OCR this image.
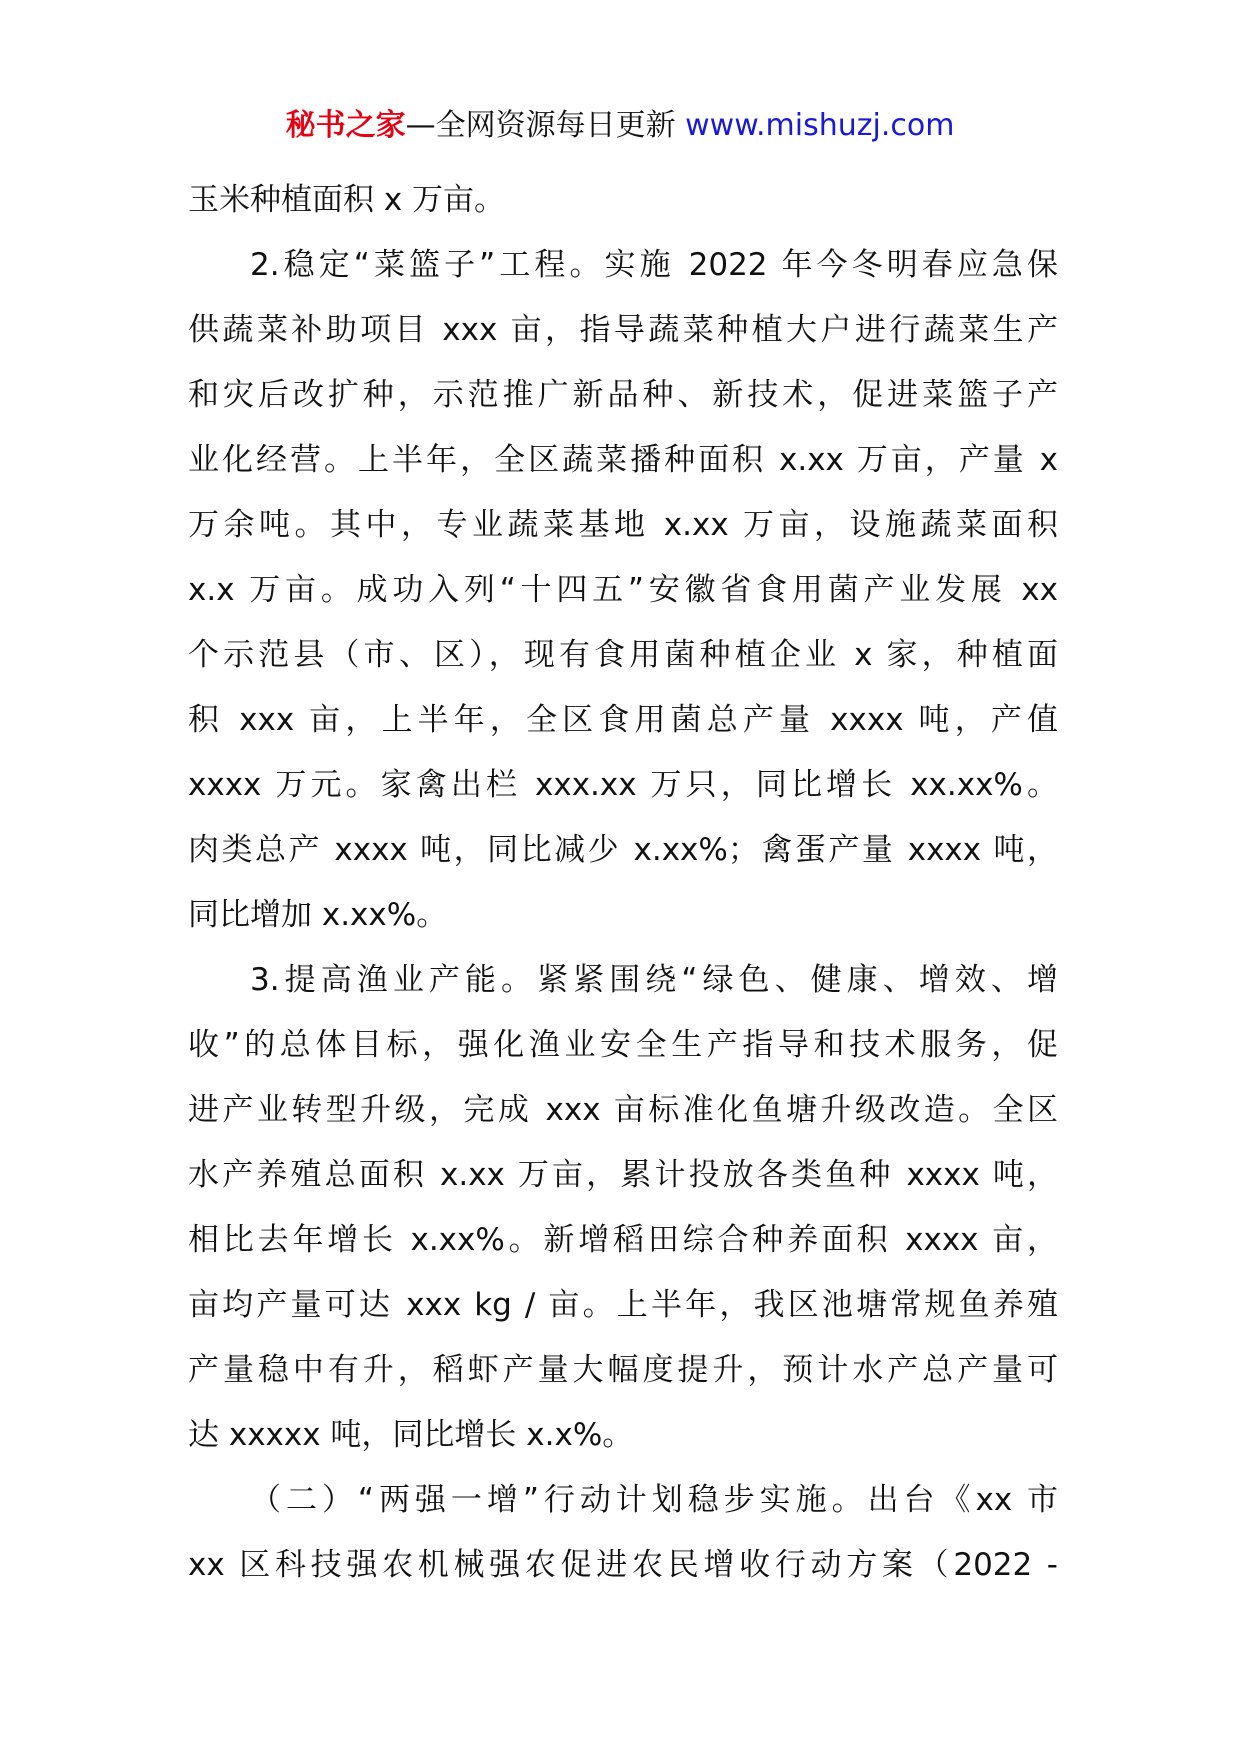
秘书之家—全网资源每日更新 www.mishuzj.com
玉米种植面积 x 万亩。
2.稳定“菜篮子”工程。实施 2022 年今冬明春应急保
供蔬菜补助项目 xxx 亩，指导蔬菜种植大户进行蔬菜生产
和灾后改扩种，示范推广新品种、新技术，促进菜篮子产
业化经营。上半年，全区蔬菜播种面积 x.xx 万亩，产量 x
万余吨。其中，专业蔬菜基地 x.xx 万亩，设施蔬菜面积
x.x 万亩。成功入列“十四五”安徽省食用菌产业发展 xx
个示范县（市、区），现有食用菌种植企业 x 家，种植面
积 xxx 亩，上半年，全区食用菌总产量 xxxx 吨，产值
xxxx 万元。家禽出栏 xxx.xx 万只，同比增长 xx.xx%。
肉类总产 xxxx 吨，同比减少 x.xx%；禽蛋产量 xxxx 吨，
同比增加 x.xx%。
3.提高渔业产能。紧紧围绕“绿色、健康、增效、增
收”的总体目标，强化渔业安全生产指导和技术服务，促
进产业转型升级，完成 xxx 亩标准化鱼塘升级改造。全区
水产养殖总面积 x.xx 万亩，累计投放各类鱼种 xxxx 吨，
相比去年增长 x.xx%。新增稻田综合种养面积 xxxx 亩，
亩均产量可达 xxx kg / 亩。上半年，我区池塘常规鱼养殖
产量稳中有升，稻虾产量大幅度提升，预计水产总产量可
达 xxxxx 吨，同比增长 x.x%。
（二）“两强一增”行动计划稳步实施。出台《xx 市
xx 区科技强农机械强农促进农民增收行动方案（2022 -
